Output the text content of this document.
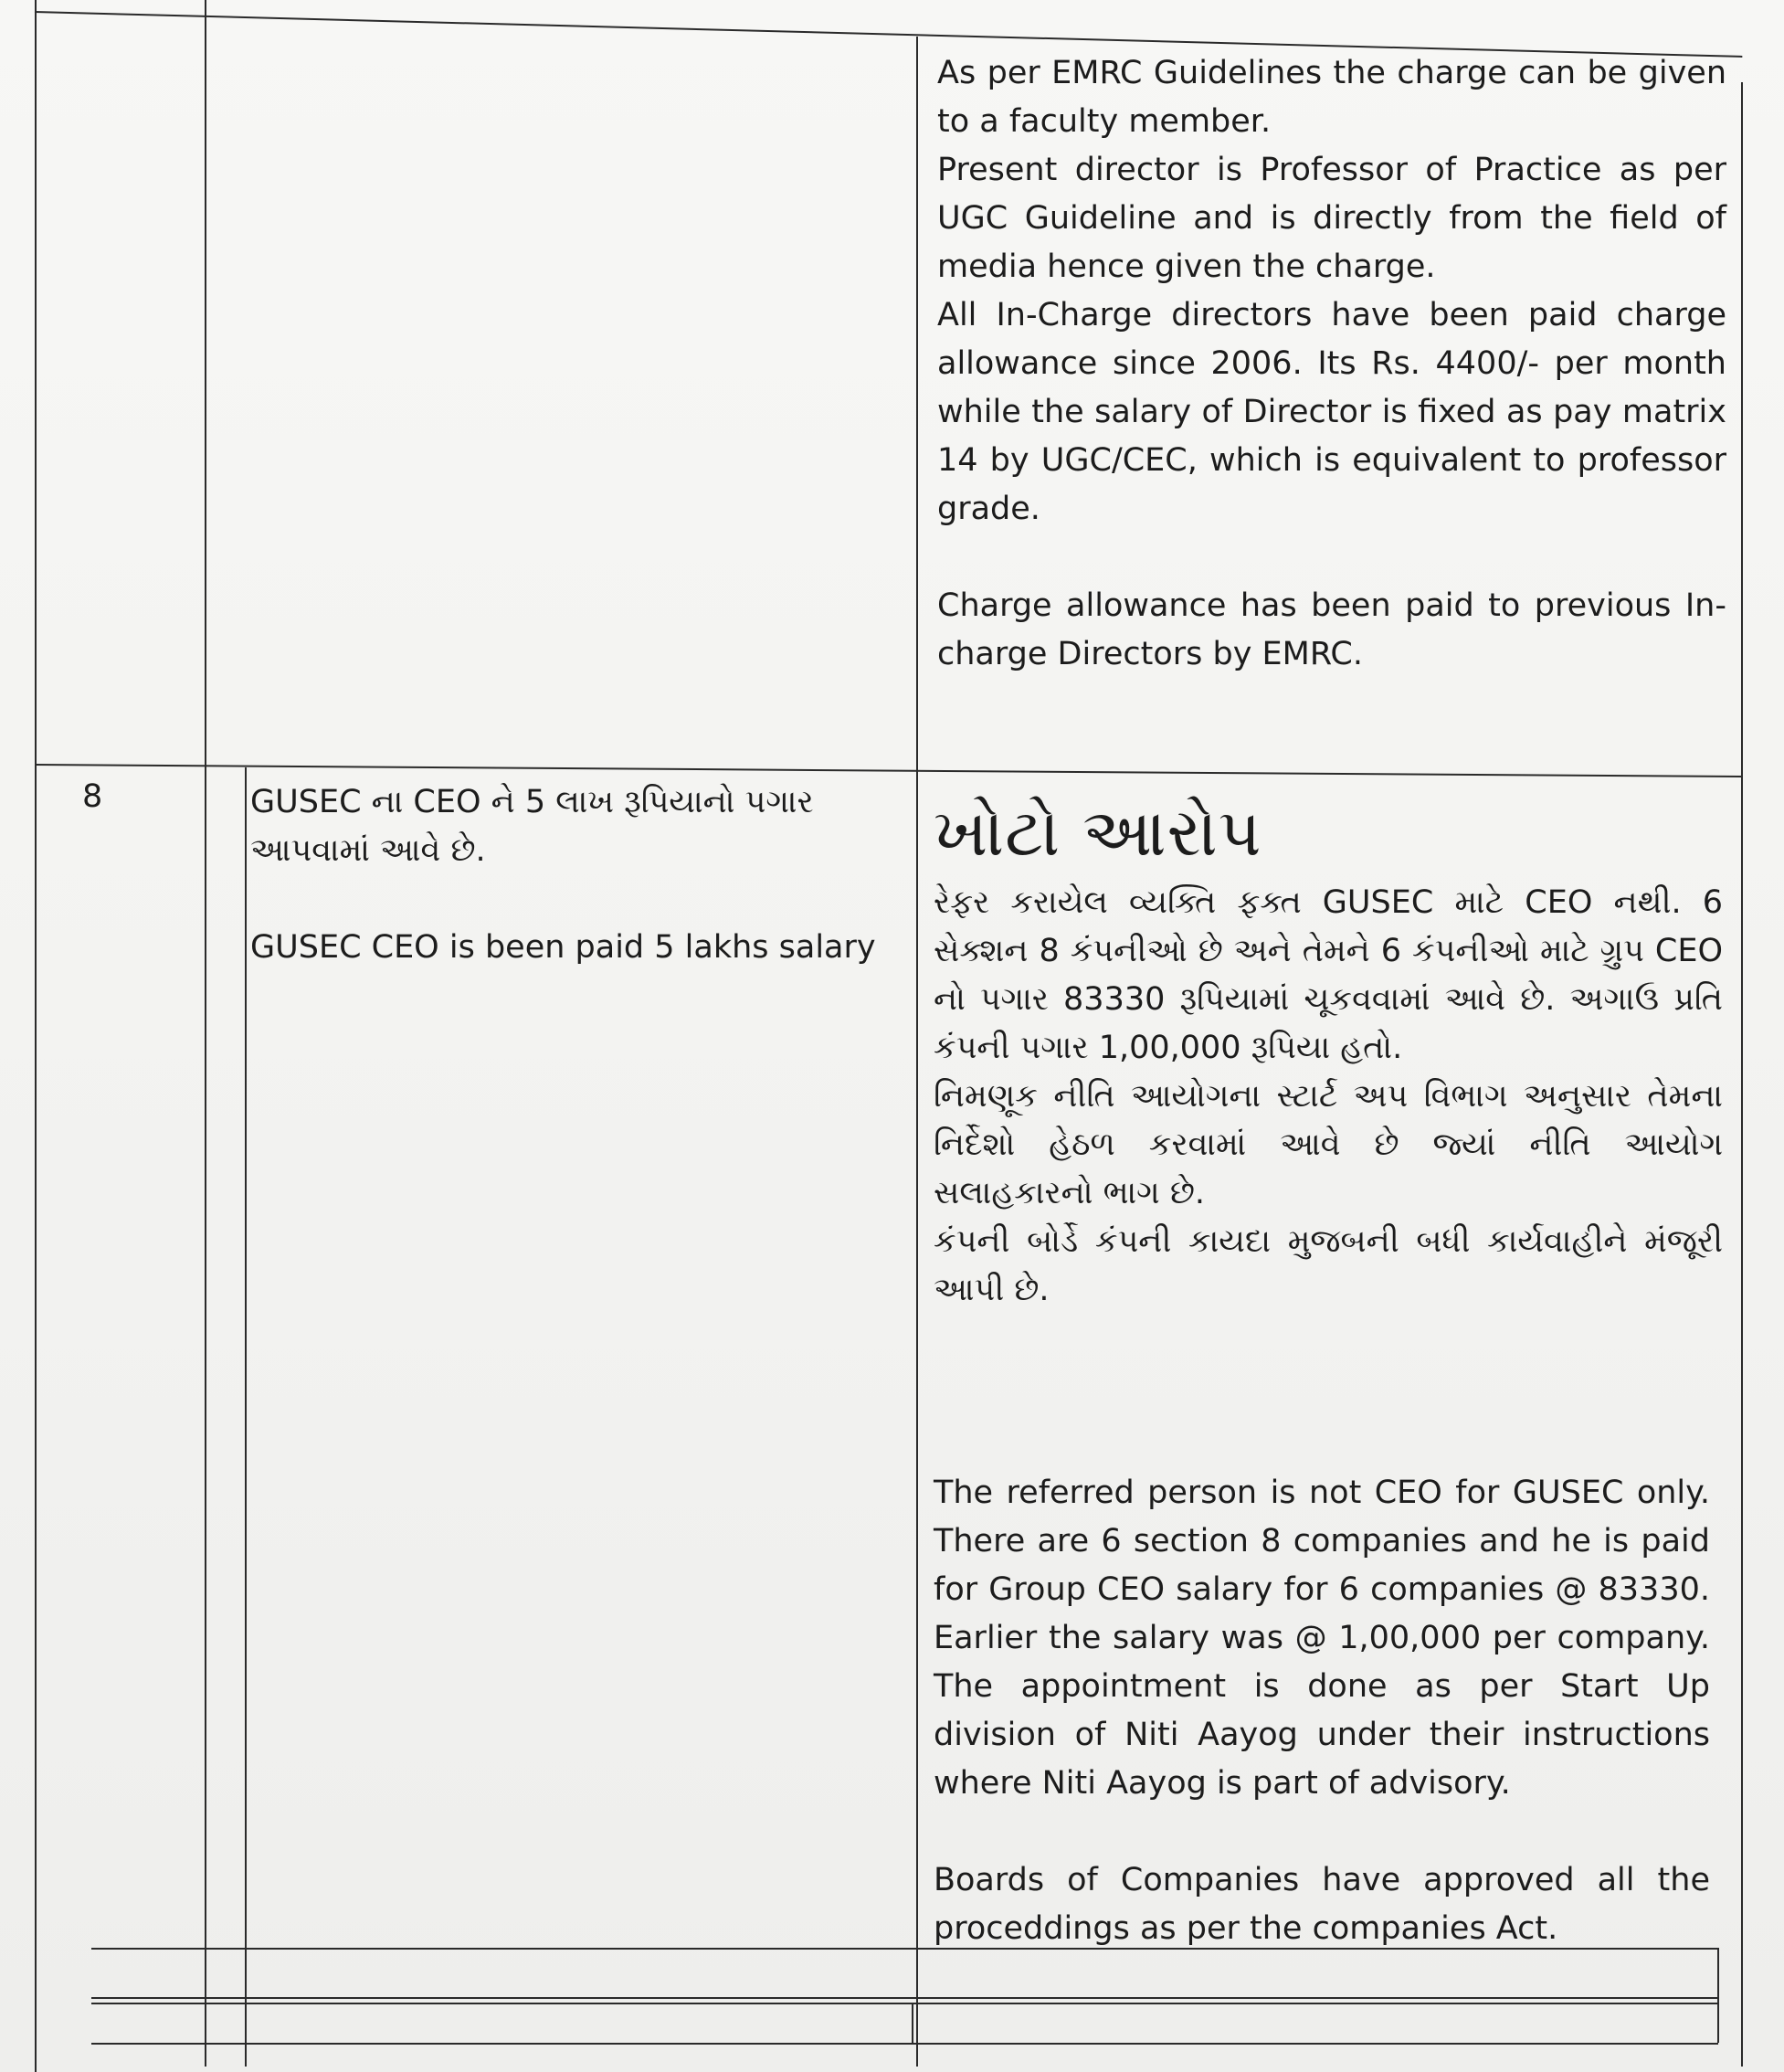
As per EMRC Guidelines the charge can be given to a faculty member.

Present director is Professor of Practice as per UGC Guideline and is directly from the field of media hence given the charge.

All In-Charge directors have been paid charge allowance since 2006. Its Rs. 4400/- per month while the salary of Director is fixed as pay matrix 14 by UGC/CEC, which is equivalent to professor grade.

Charge allowance has been paid to previous In-charge Directors by EMRC.

8	GUSEC ના CEO ને 5 લાખ રૂપિયાનો પગાર આપવામાં આવે છે.

GUSEC CEO is been paid 5 lakhs salary

ખોટો આરોપ

રેફર કરાયેલ વ્યક્તિ ફક્ત GUSEC માટે CEO નથી. 6 સેક્શન 8 કંપનીઓ છે અને તેમને 6 કંપનીઓ માટે ગ્રુપ CEO નો પગાર 83330 રૂપિયામાં ચૂકવવામાં આવે છે. અગાઉ પ્રતિ કંપની પગાર 1,00,000 રૂપિયા હતો.

નિમણૂક નીતિ આયોગના સ્ટાર્ટ અપ વિભાગ અનુસાર તેમના નિર્દેશો હેઠળ કરવામાં આવે છે જ્યાં નીતિ આયોગ સલાહકારનો ભાગ છે.

કંપની બોર્ડે કંપની કાયદા મુજબની બધી કાર્યવાહીને મંજૂરી આપી છે.

The referred person is not CEO for GUSEC only. There are 6 section 8 companies and he is paid for Group CEO salary for 6 companies @ 83330. Earlier the salary was @ 1,00,000 per company. The appointment is done as per Start Up division of Niti Aayog under their instructions where Niti Aayog is part of advisory.

Boards of Companies have approved all the proceddings as per the companies Act.
